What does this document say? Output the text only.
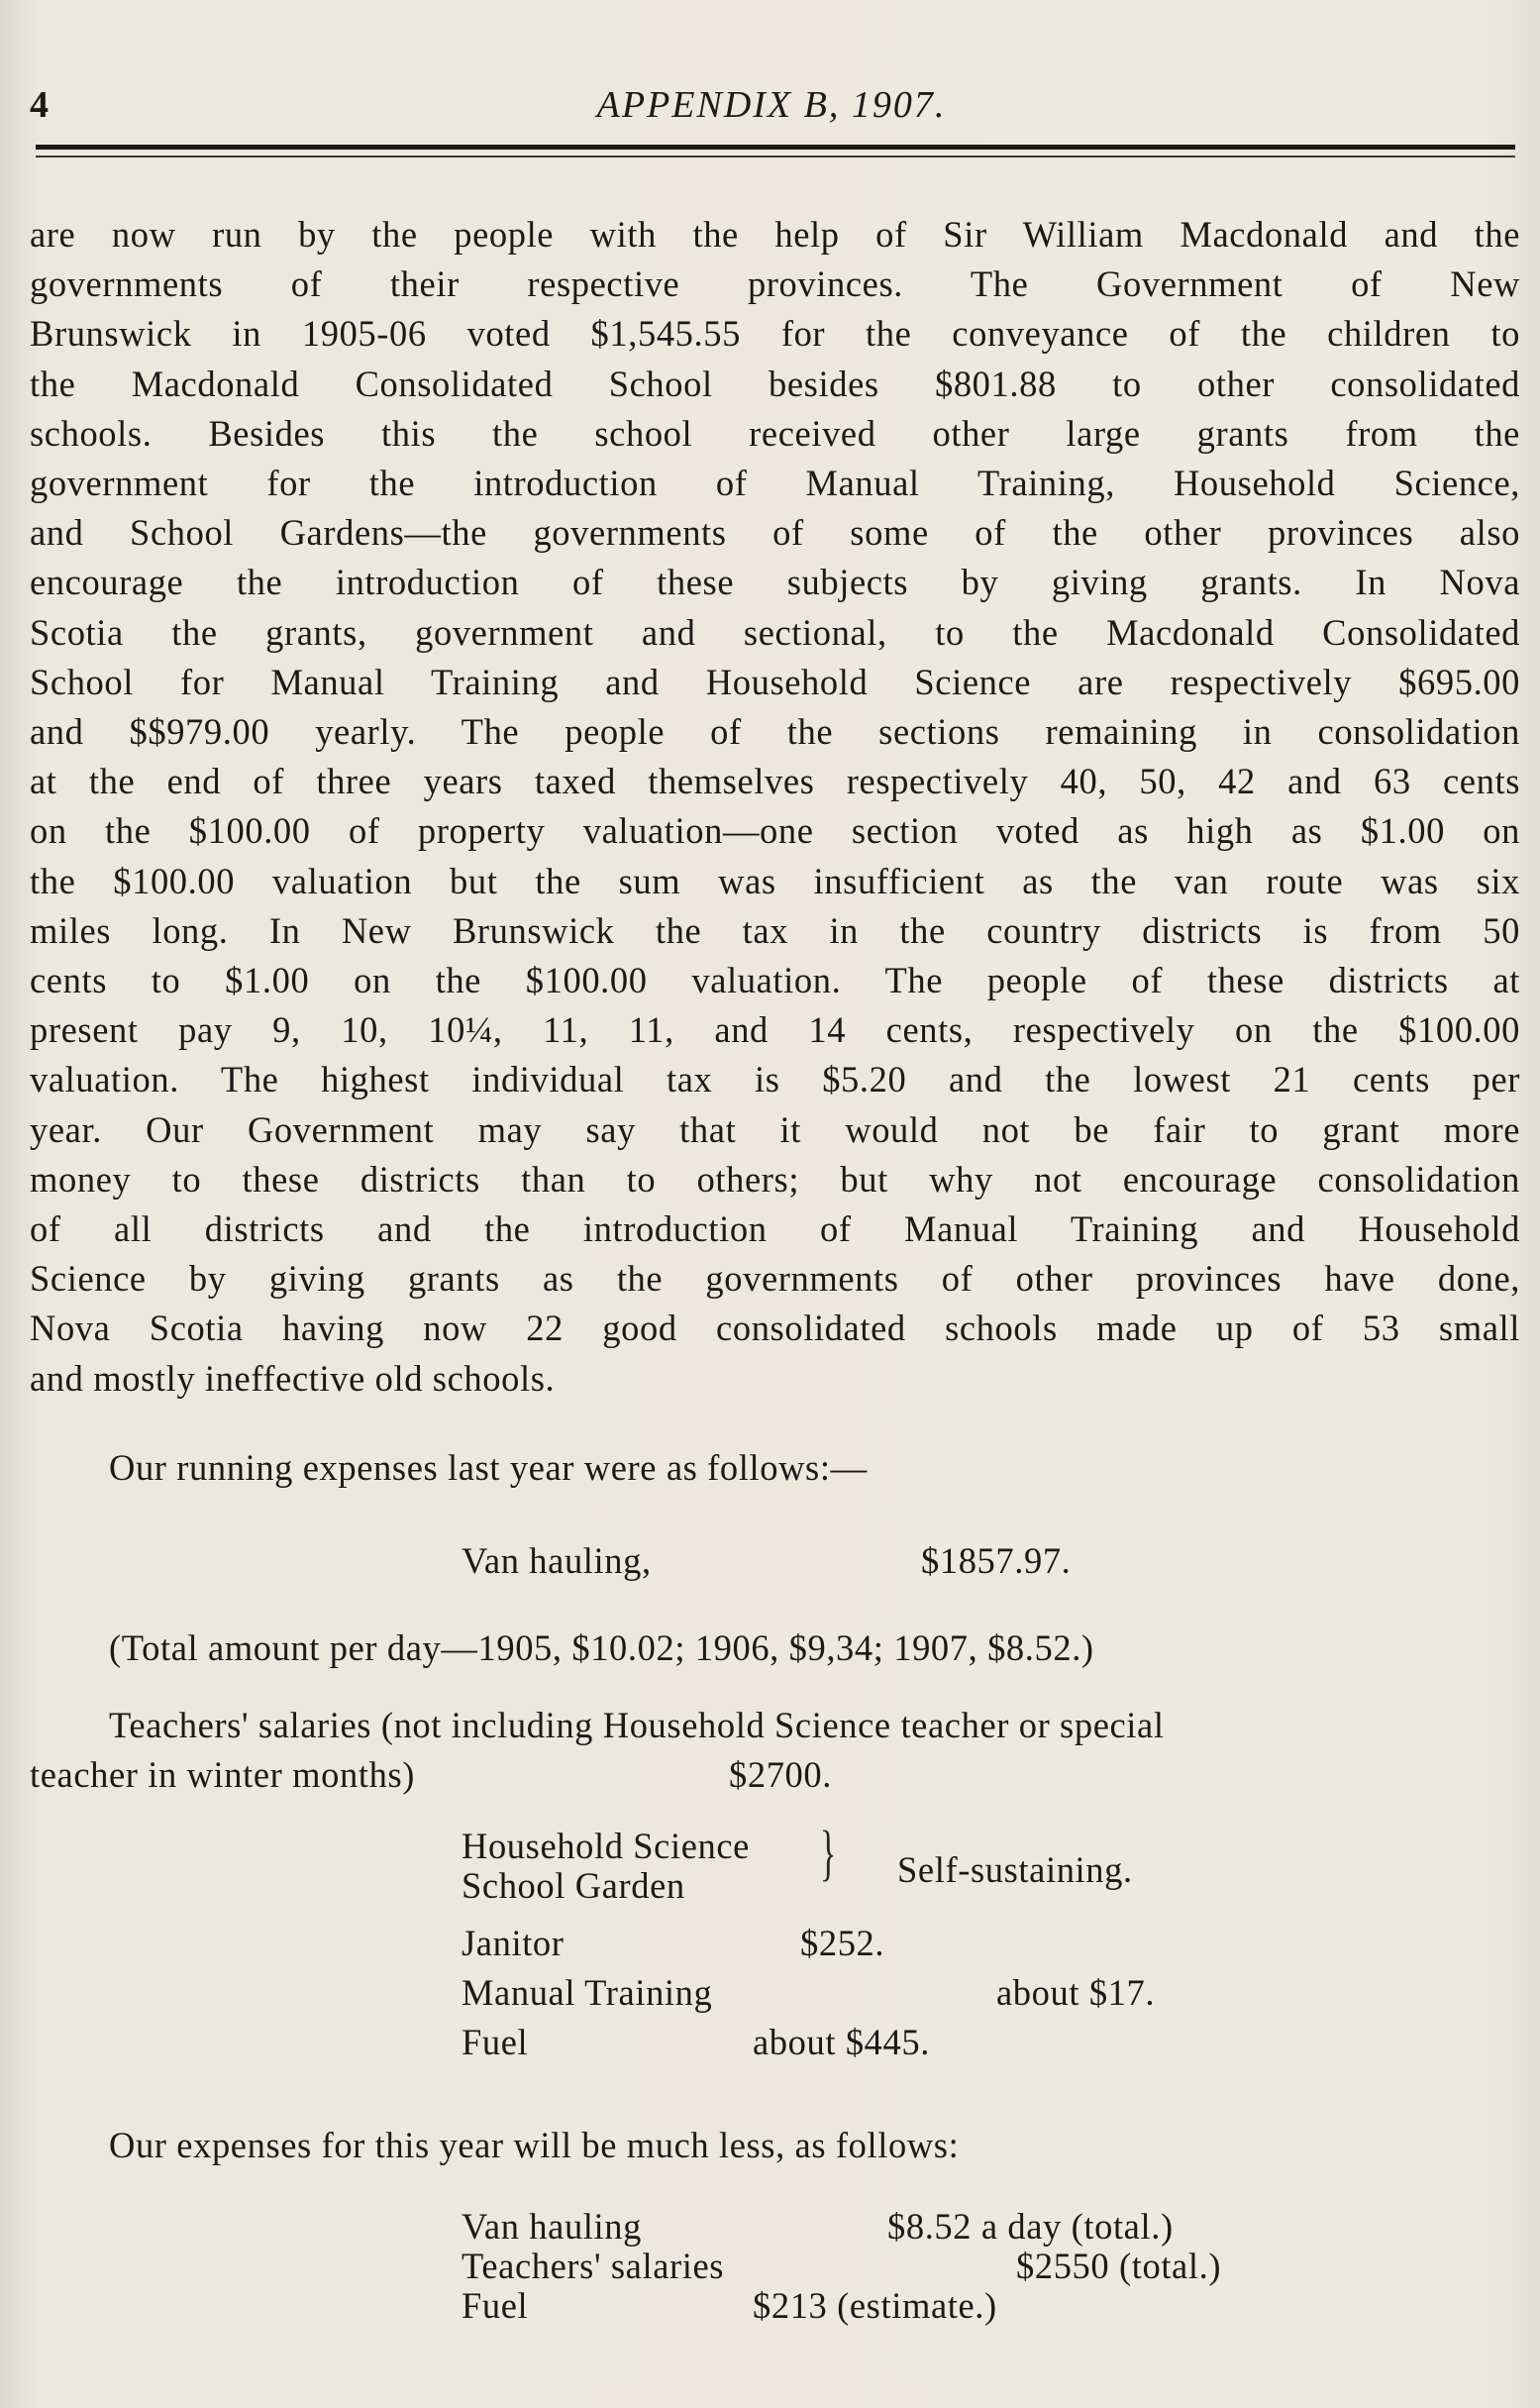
4	APPENDIX B, 1907.
are now run by the people with the help of Sir William Macdonald and the
governments of their respective provinces. The Government of New
Brunswick in 1905-06 voted $1,545.55 for the conveyance of the children to
the Macdonald Consolidated School besides $801.88 to other consolidated
schools. Besides this the school received other large grants from the
government for the introduction of Manual Training, Household Science,
and School Gardens—the governments of some of the other provinces also
encourage the introduction of these subjects by giving grants. In Nova
Scotia the grants, government and sectional, to the Macdonald Consolidated
School for Manual Training and Household Science are respectively $695.00
and $$979.00 yearly. The people of the sections remaining in consolidation
at the end of three years taxed themselves respectively 40, 50, 42 and 63 cents
on the $100.00 of property valuation—one section voted as high as $1.00 on
the $100.00 valuation but the sum was insufficient as the van route was six
miles long. In New Brunswick the tax in the country districts is from 50
cents to $1.00 on the $100.00 valuation. The people of these districts at
present pay 9, 10, 10¼, 11, 11, and 14 cents, respectively on the $100.00
valuation. The highest individual tax is $5.20 and the lowest 21 cents per
year. Our Government may say that it would not be fair to grant more
money to these districts than to others; but why not encourage consolidation
of all districts and the introduction of Manual Training and Household
Science by giving grants as the governments of other provinces have done,
Nova Scotia having now 22 good consolidated schools made up of 53 small
and mostly ineffective old schools.
Our running expenses last year were as follows:—
Van hauling,	$1857.97.
(Total amount per day—1905, $10.02; 1906, $9,34; 1907, $8.52.)
Teachers' salaries (not including Household Science teacher or special
teacher in winter months)	$2700.
Household Science
School Garden } Self-sustaining.
Janitor	$252.
Manual Training	about $17.
Fuel	about $445.
Our expenses for this year will be much less, as follows:
Van hauling	$8.52 a day (total.)
Teachers' salaries	$2550 (total.)
Fuel	$213 (estimate.)
